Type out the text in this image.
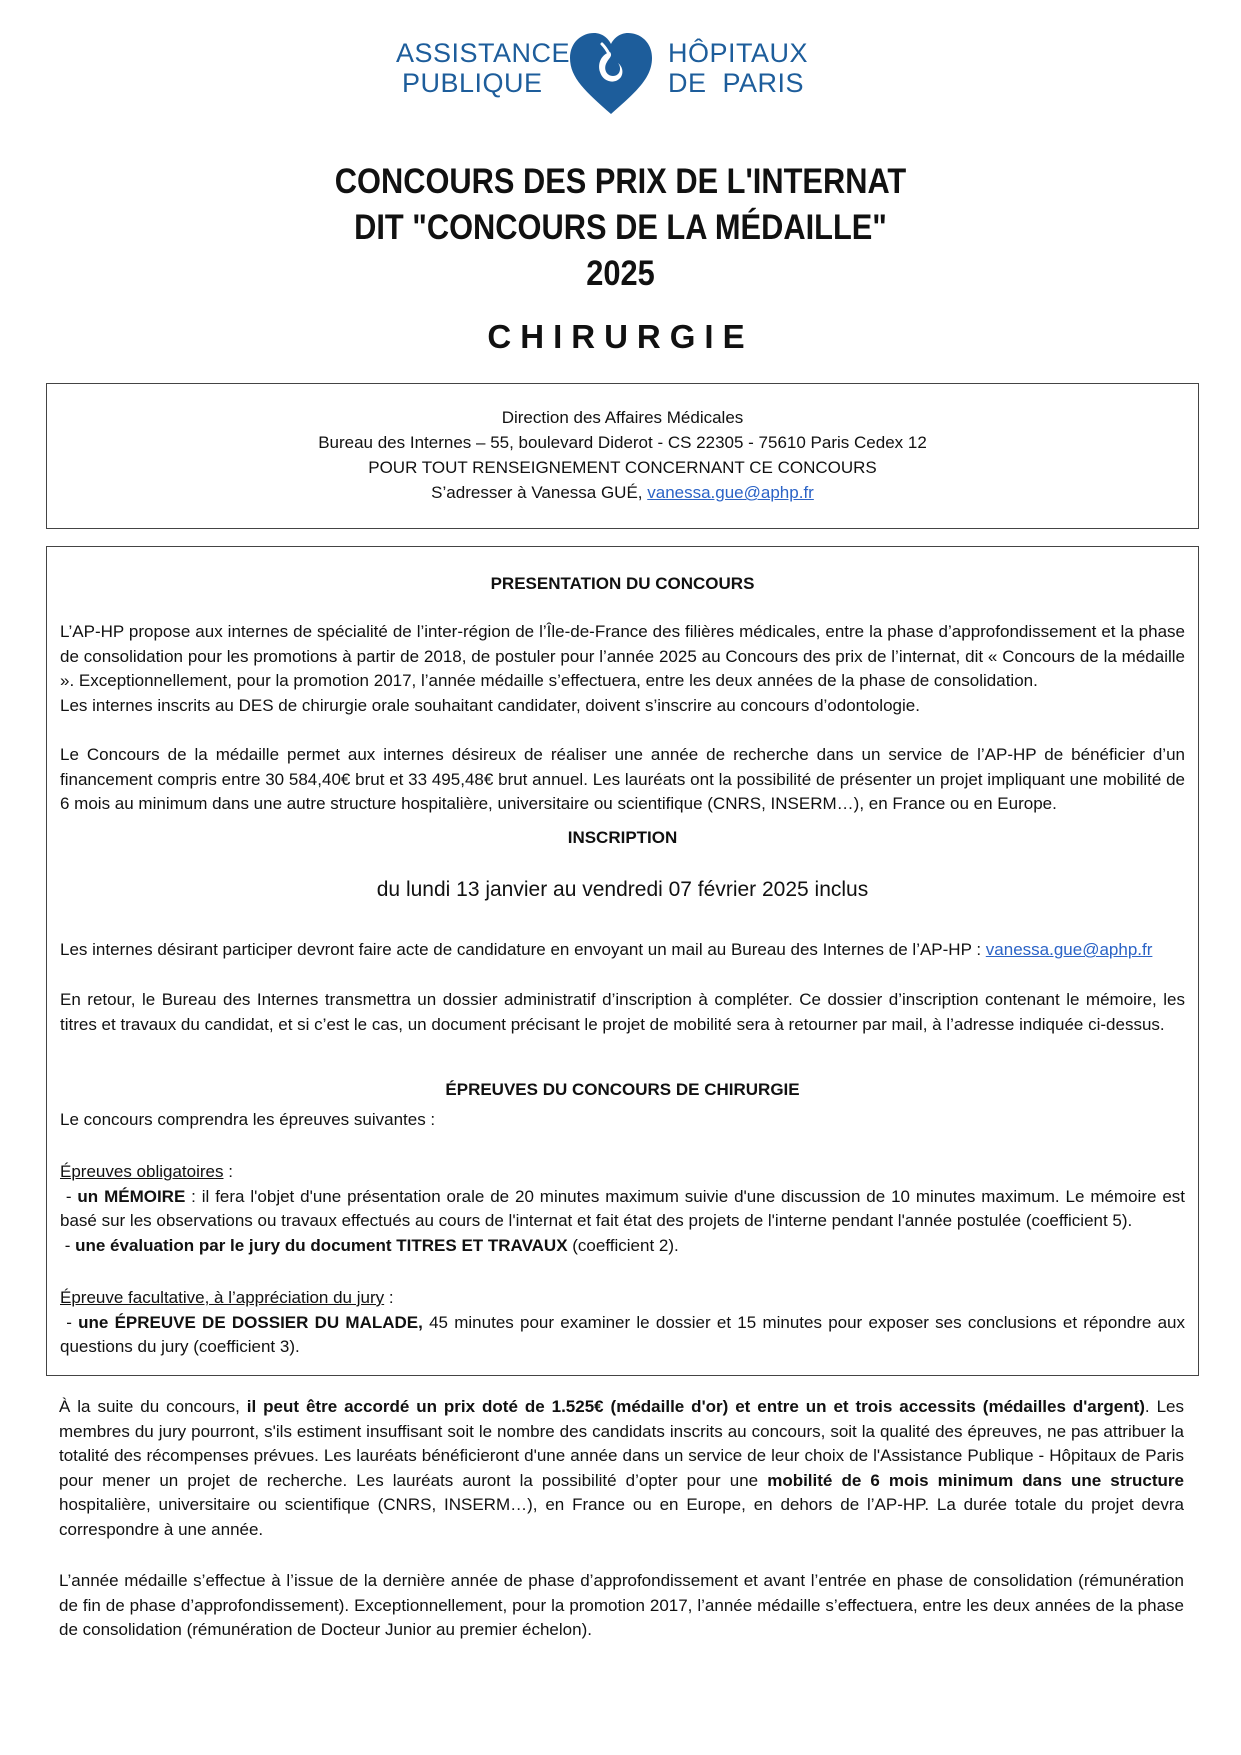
ASSISTANCE
PUBLIQUE
HÔPITAUX
DE  PARIS
CONCOURS DES PRIX DE L'INTERNAT
DIT "CONCOURS DE LA MÉDAILLE"
2025
CHIRURGIE
Direction des Affaires Médicales
Bureau des Internes – 55, boulevard Diderot - CS 22305 - 75610 Paris Cedex 12
POUR TOUT RENSEIGNEMENT CONCERNANT CE CONCOURS
S’adresser à Vanessa GUÉ, vanessa.gue@aphp.fr
PRESENTATION DU CONCOURS
L’AP-HP propose aux internes de spécialité de l’inter-région de l’Île-de-France des filières médicales, entre la phase d’approfondissement et la phase de consolidation pour les promotions à partir de 2018, de postuler pour l’année 2025 au Concours des prix de l’internat, dit « Concours de la médaille ». Exceptionnellement, pour la promotion 2017, l’année médaille s’effectuera, entre les deux années de la phase de consolidation.
Les internes inscrits au DES de chirurgie orale souhaitant candidater, doivent s’inscrire au concours d’odontologie.
Le Concours de la médaille permet aux internes désireux de réaliser une année de recherche dans un service de l’AP-HP de bénéficier d’un financement compris entre 30 584,40€ brut et 33 495,48€ brut annuel. Les lauréats ont la possibilité de présenter un projet impliquant une mobilité de 6 mois au minimum dans une autre structure hospitalière, universitaire ou scientifique (CNRS, INSERM…), en France ou en Europe.
INSCRIPTION
du lundi 13 janvier au vendredi 07 février 2025 inclus
Les internes désirant participer devront faire acte de candidature en envoyant un mail au Bureau des Internes de l’AP-HP : vanessa.gue@aphp.fr
En retour, le Bureau des Internes transmettra un dossier administratif d’inscription à compléter. Ce dossier d’inscription contenant le mémoire, les titres et travaux du candidat, et si c’est le cas, un document précisant le projet de mobilité sera à retourner par mail, à l’adresse indiquée ci-dessus.
ÉPREUVES DU CONCOURS DE CHIRURGIE
Le concours comprendra les épreuves suivantes :
Épreuves obligatoires :
- un MÉMOIRE : il fera l'objet d'une présentation orale de 20 minutes maximum suivie d'une discussion de 10 minutes maximum. Le mémoire est basé sur les observations ou travaux effectués au cours de l'internat et fait état des projets de l'interne pendant l'année postulée (coefficient 5).
- une évaluation par le jury du document TITRES ET TRAVAUX (coefficient 2).
Épreuve facultative, à l’appréciation du jury :
- une ÉPREUVE DE DOSSIER DU MALADE, 45 minutes pour examiner le dossier et 15 minutes pour exposer ses conclusions et répondre aux questions du jury (coefficient 3).
À la suite du concours, il peut être accordé un prix doté de 1.525€ (médaille d'or) et entre un et trois accessits (médailles d'argent). Les membres du jury pourront, s'ils estiment insuffisant soit le nombre des candidats inscrits au concours, soit la qualité des épreuves, ne pas attribuer la totalité des récompenses prévues. Les lauréats bénéficieront d'une année dans un service de leur choix de l'Assistance Publique - Hôpitaux de Paris pour mener un projet de recherche. Les lauréats auront la possibilité d’opter pour une mobilité de 6 mois minimum dans une structure hospitalière, universitaire ou scientifique (CNRS, INSERM…), en France ou en Europe, en dehors de l’AP-HP. La durée totale du projet devra correspondre à une année.
L’année médaille s’effectue à l’issue de la dernière année de phase d’approfondissement et avant l’entrée en phase de consolidation (rémunération de fin de phase d’approfondissement). Exceptionnellement, pour la promotion 2017, l’année médaille s’effectuera, entre les deux années de la phase de consolidation (rémunération de Docteur Junior au premier échelon).
